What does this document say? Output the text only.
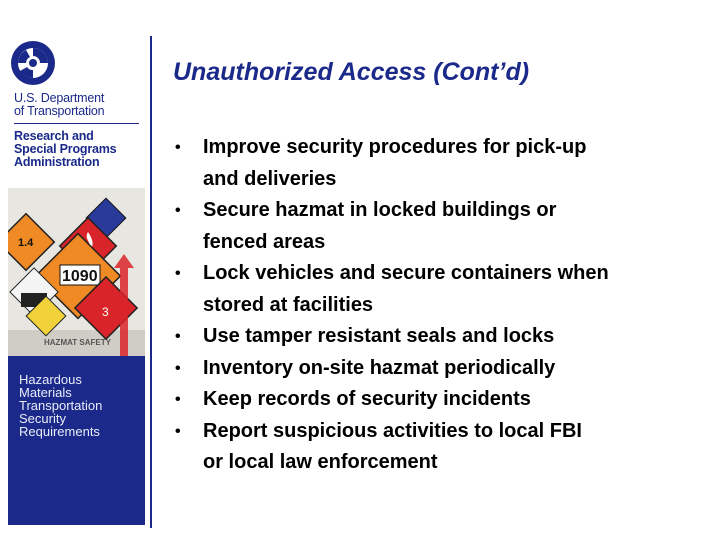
U.S. Department
of Transportation
Research and
Special Programs
Administration
1.4
1090
3
HAZMAT SAFETY
Hazardous
Materials
Transportation
Security
Requirements
Unauthorized Access (Cont’d)
• Improve security procedures for pick-up
and deliveries
• Secure hazmat in locked buildings or
fenced areas
• Lock vehicles and secure containers when
stored at facilities
• Use tamper resistant seals and locks
• Inventory on-site hazmat periodically
• Keep records of security incidents
• Report suspicious activities to local FBI
or local law enforcement
